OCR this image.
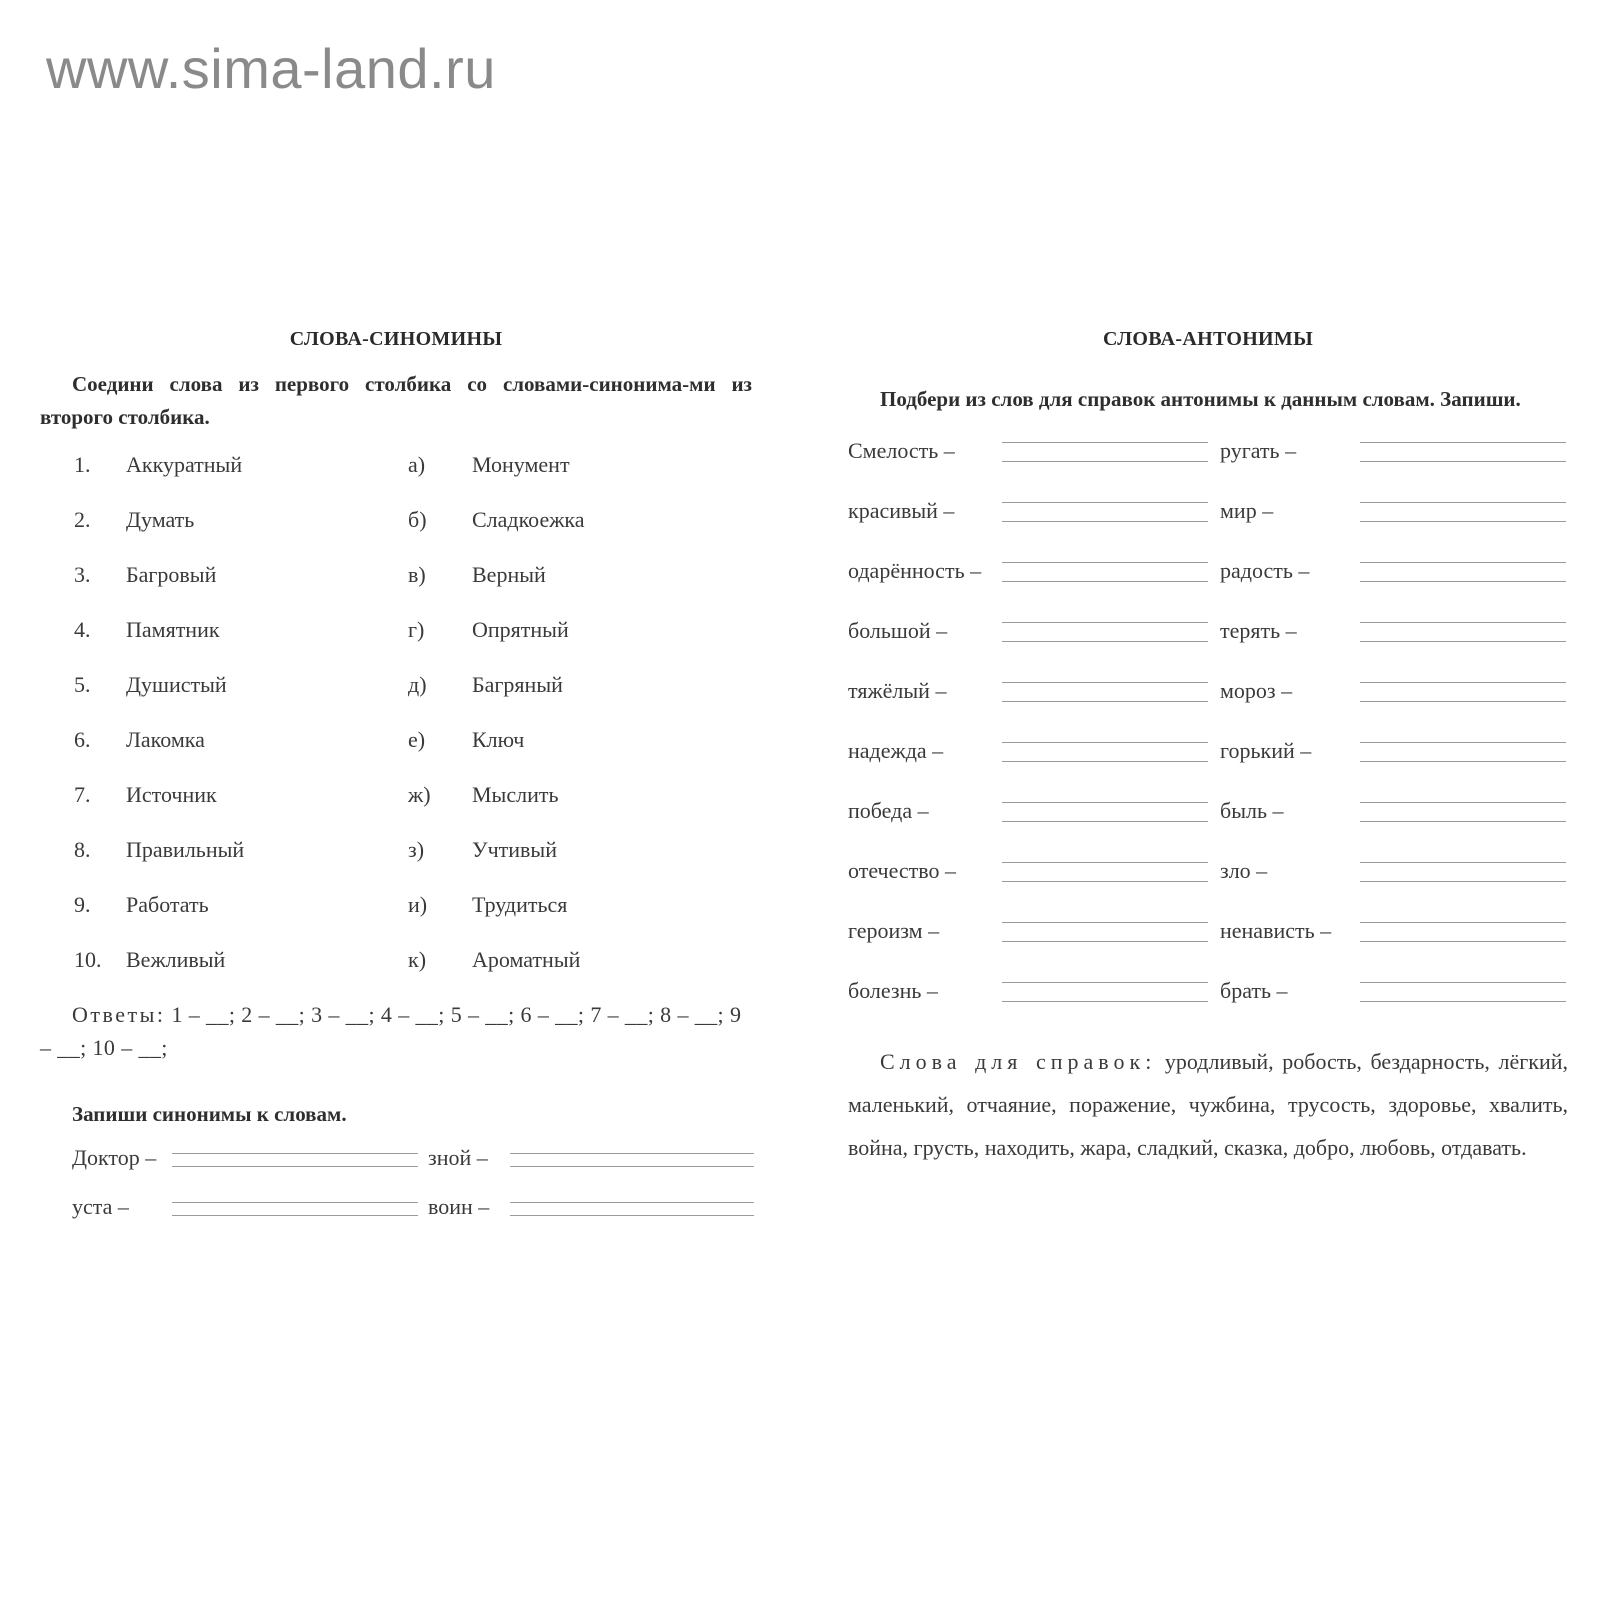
www.sima-land.ru
СЛОВА-СИНОМИНЫ
Соедини слова из первого столбика со словами-синонима-ми из второго столбика.
1. Аккуратный	а) Монумент
2. Думать	б) Сладкоежка
3. Багровый	в) Верный
4. Памятник	г) Опрятный
5. Душистый	д) Багряный
6. Лакомка	е) Ключ
7. Источник	ж) Мыслить
8. Правильный	з) Учтивый
9. Работать	и) Трудиться
10. Вежливый	к) Ароматный
Ответы: 1 – __; 2 – __; 3 – __; 4 – __; 5 – __; 6 – __; 7 – __; 8 – __; 9 – __; 10 – __;
Запиши синонимы к словам.
Доктор –	зной –
уста –	воин –
СЛОВА-АНТОНИМЫ
Подбери из слов для справок антонимы к данным словам. Запиши.
Смелость –	ругать –
красивый –	мир –
одарённость –	радость –
большой –	терять –
тяжёлый –	мороз –
надежда –	горький –
победа –	быль –
отечество –	зло –
героизм –	ненависть –
болезнь –	брать –
Слова для справок: уродливый, робость, бездарность, лёгкий, маленький, отчаяние, поражение, чужбина, трусость, здоровье, хвалить, война, грусть, находить, жара, сладкий, сказка, добро, любовь, отдавать.
